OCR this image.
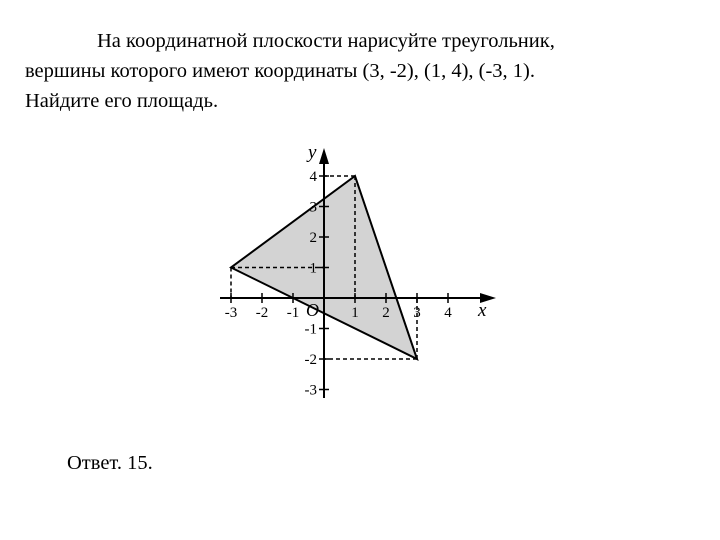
На координатной плоскости нарисуйте треугольник,
вершины которого имеют координаты (3, -2), (1, 4), (-3, 1).
Найдите его площадь.
-3 -2 -1	1 2 3 4
4
3
2
1
-1
-2
-3
x
y
O
Ответ. 15.
